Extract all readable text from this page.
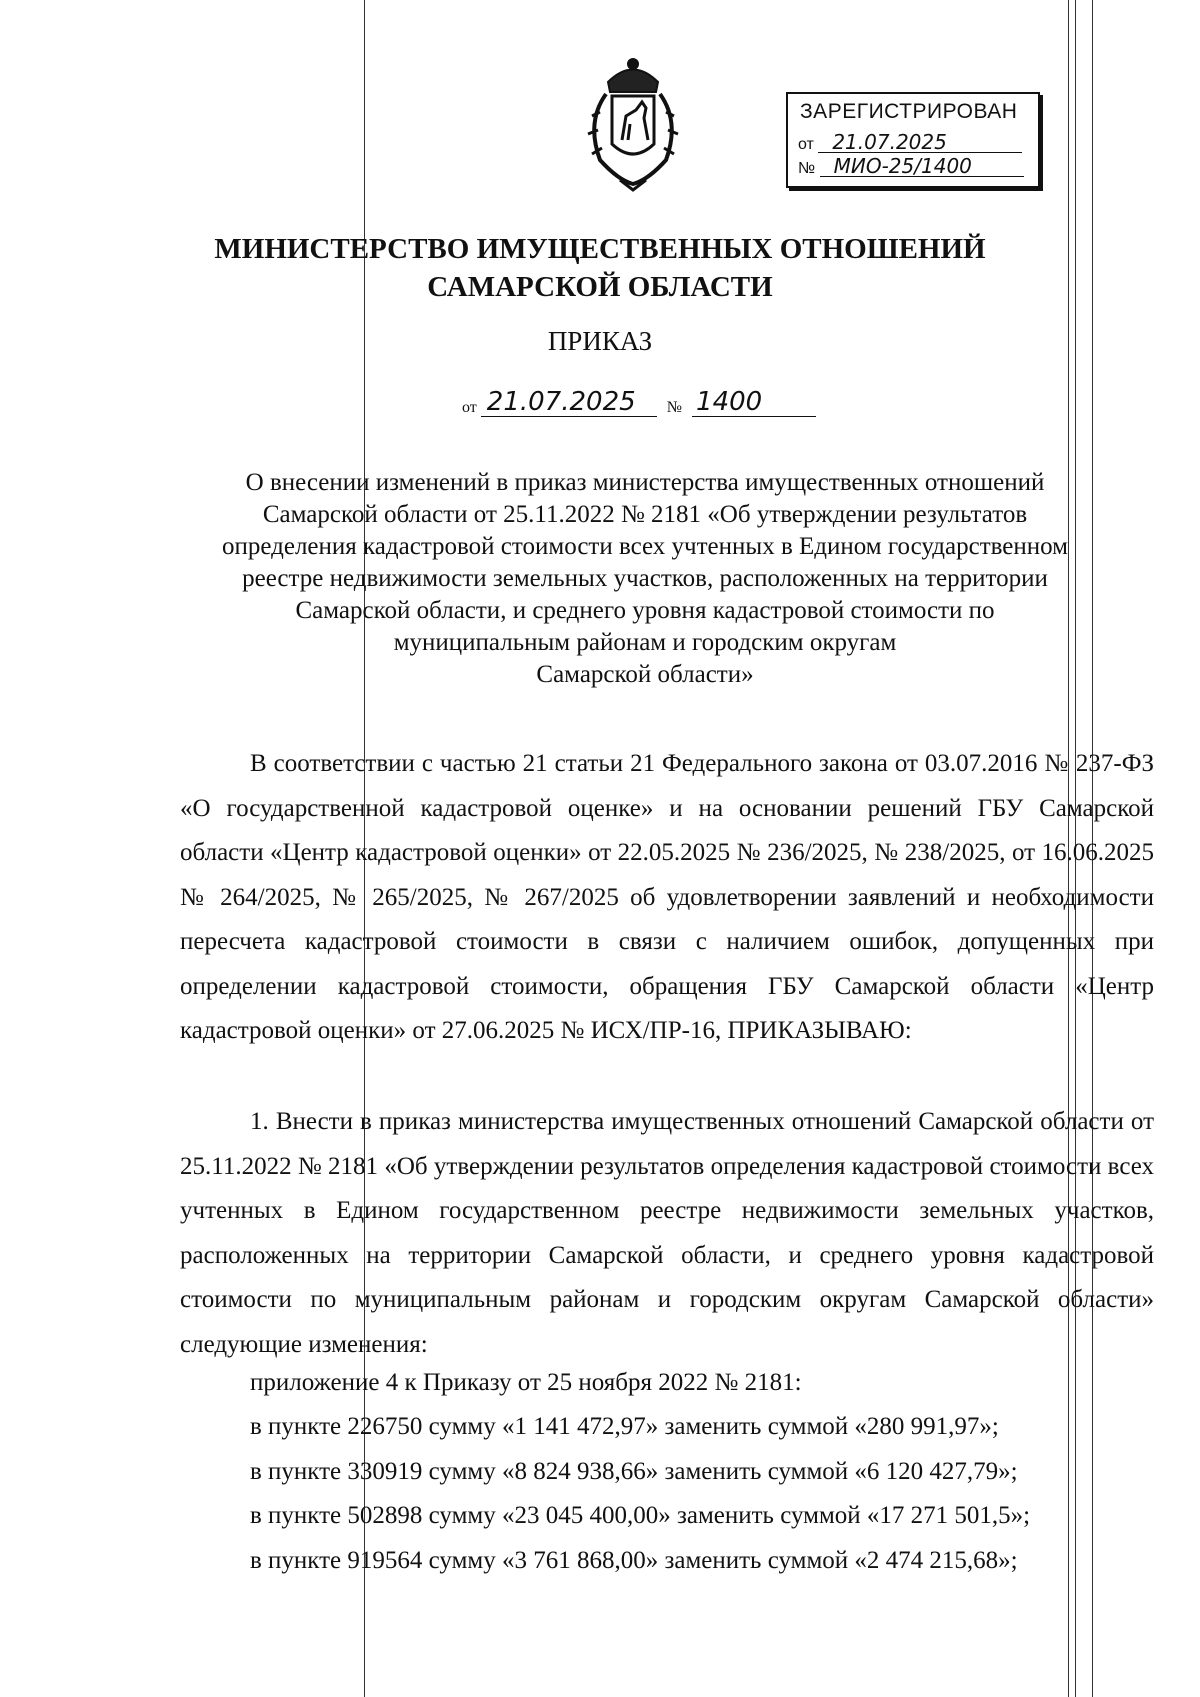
ЗАРЕГИСТРИРОВАН
от 21.07.2025
№ МИО-25/1400
МИНИСТЕРСТВО ИМУЩЕСТВЕННЫХ ОТНОШЕНИЙ
САМАРСКОЙ ОБЛАСТИ
ПРИКАЗ
от 21.07.2025 № 1400
О внесении изменений в приказ министерства имущественных отношений
Самарской области от 25.11.2022 № 2181 «Об утверждении результатов
определения кадастровой стоимости всех учтенных в Едином государственном
реестре недвижимости земельных участков, расположенных на территории
Самарской области, и среднего уровня кадастровой стоимости по
муниципальным районам и городским округам
Самарской области»
В соответствии с частью 21 статьи 21 Федерального закона от 03.07.2016 № 237-ФЗ «О государственной кадастровой оценке» и на основании решений ГБУ Самарской области «Центр кадастровой оценки» от 22.05.2025 № 236/2025, № 238/2025, от 16.06.2025 № 264/2025, № 265/2025, № 267/2025 об удовлетворении заявлений и необходимости пересчета кадастровой стоимости в связи с наличием ошибок, допущенных при определении кадастровой стоимости, обращения ГБУ Самарской области «Центр кадастровой оценки» от 27.06.2025 № ИСХ/ПР-16, ПРИКАЗЫВАЮ:
1. Внести в приказ министерства имущественных отношений Самарской области от 25.11.2022 № 2181 «Об утверждении результатов определения кадастровой стоимости всех учтенных в Едином государственном реестре недвижимости земельных участков, расположенных на территории Самарской области, и среднего уровня кадастровой стоимости по муниципальным районам и городским округам Самарской области» следующие изменения:
приложение 4 к Приказу от 25 ноября 2022 № 2181:
в пункте 226750 сумму «1 141 472,97» заменить суммой «280 991,97»;
в пункте 330919 сумму «8 824 938,66» заменить суммой «6 120 427,79»;
в пункте 502898 сумму «23 045 400,00» заменить суммой «17 271 501,5»;
в пункте 919564 сумму «3 761 868,00» заменить суммой «2 474 215,68»;
